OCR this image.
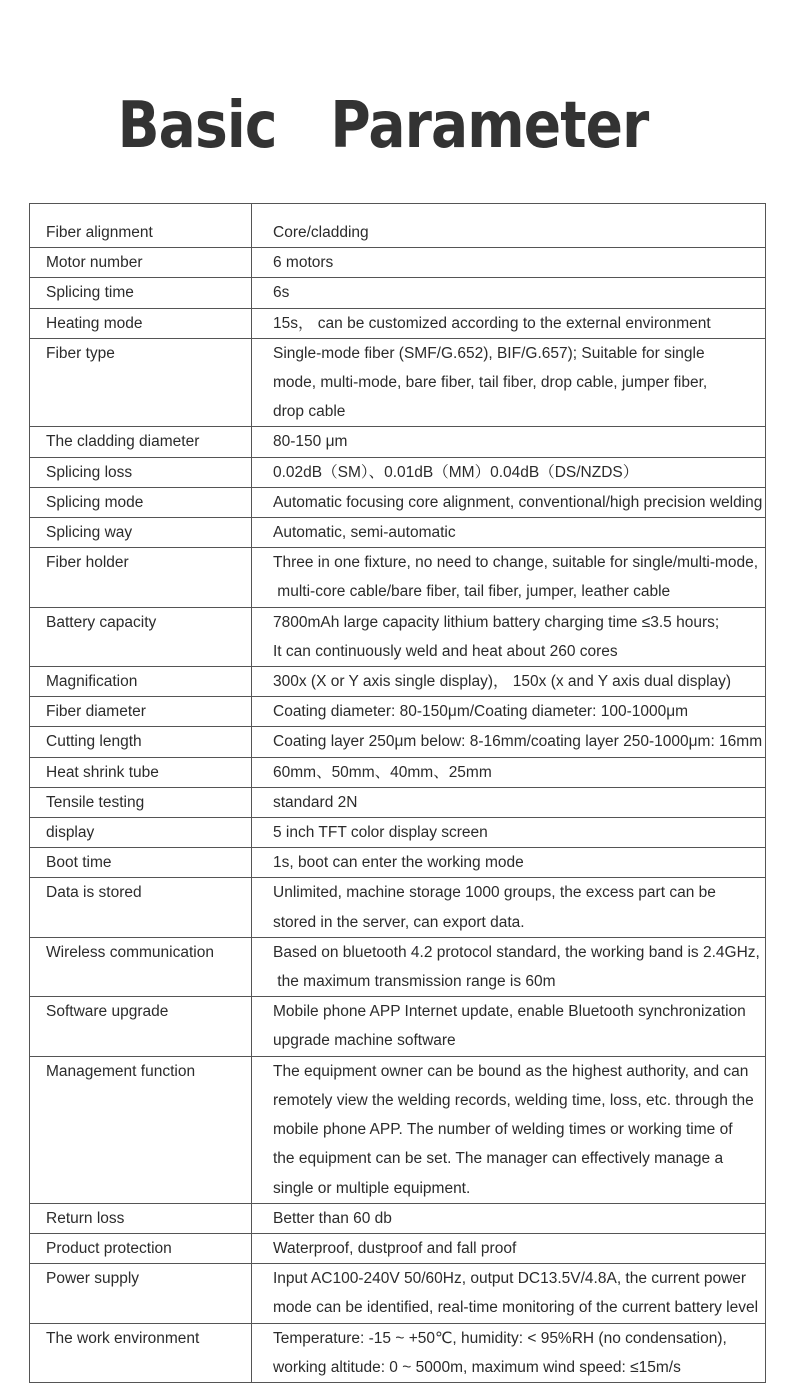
Basic  Parameter
Fiber alignment	Core/cladding

Motor number	6 motors

Splicing time	6s

Heating mode	15s， can be customized according to the external environment

Fiber type	Single-mode fiber (SMF/G.652), BIF/G.657); Suitable for single
mode, multi-mode, bare fiber, tail fiber, drop cable, jumper fiber,
drop cable

The cladding diameter	80-150 μm

Splicing loss	0.02dB（SM）、0.01dB（MM）0.04dB（DS/NZDS）

Splicing mode	Automatic focusing core alignment, conventional/high precision welding

Splicing way	Automatic, semi-automatic

Fiber holder	Three in one fixture, no need to change, suitable for single/multi-mode,
multi-core cable/bare fiber, tail fiber, jumper, leather cable

Battery capacity	7800mAh large capacity lithium battery charging time ≤3.5 hours;
It can continuously weld and heat about 260 cores

Magnification	300x (X or Y axis single display)， 150x (x and Y axis dual display)

Fiber diameter	Coating diameter: 80-150μm/Coating diameter: 100-1000μm

Cutting length	Coating layer 250μm below: 8-16mm/coating layer 250-1000μm: 16mm

Heat shrink tube	60mm、50mm、40mm、25mm

Tensile testing	standard 2N

display	5 inch TFT color display screen

Boot time	1s, boot can enter the working mode

Data is stored	Unlimited, machine storage 1000 groups, the excess part can be
stored in the server, can export data.

Wireless communication	Based on bluetooth 4.2 protocol standard, the working band is 2.4GHz,
the maximum transmission range is 60m

Software upgrade	Mobile phone APP Internet update, enable Bluetooth synchronization
upgrade machine software

Management function	The equipment owner can be bound as the highest authority, and can
remotely view the welding records, welding time, loss, etc. through the
mobile phone APP. The number of welding times or working time of
the equipment can be set. The manager can effectively manage a
single or multiple equipment.

Return loss	Better than 60 db

Product protection	Waterproof, dustproof and fall proof

Power supply	Input AC100-240V 50/60Hz, output DC13.5V/4.8A, the current power
mode can be identified, real-time monitoring of the current battery level

The work environment	Temperature: -15 ~ +50℃, humidity: < 95%RH (no condensation),
working altitude: 0 ~ 5000m, maximum wind speed: ≤15m/s
